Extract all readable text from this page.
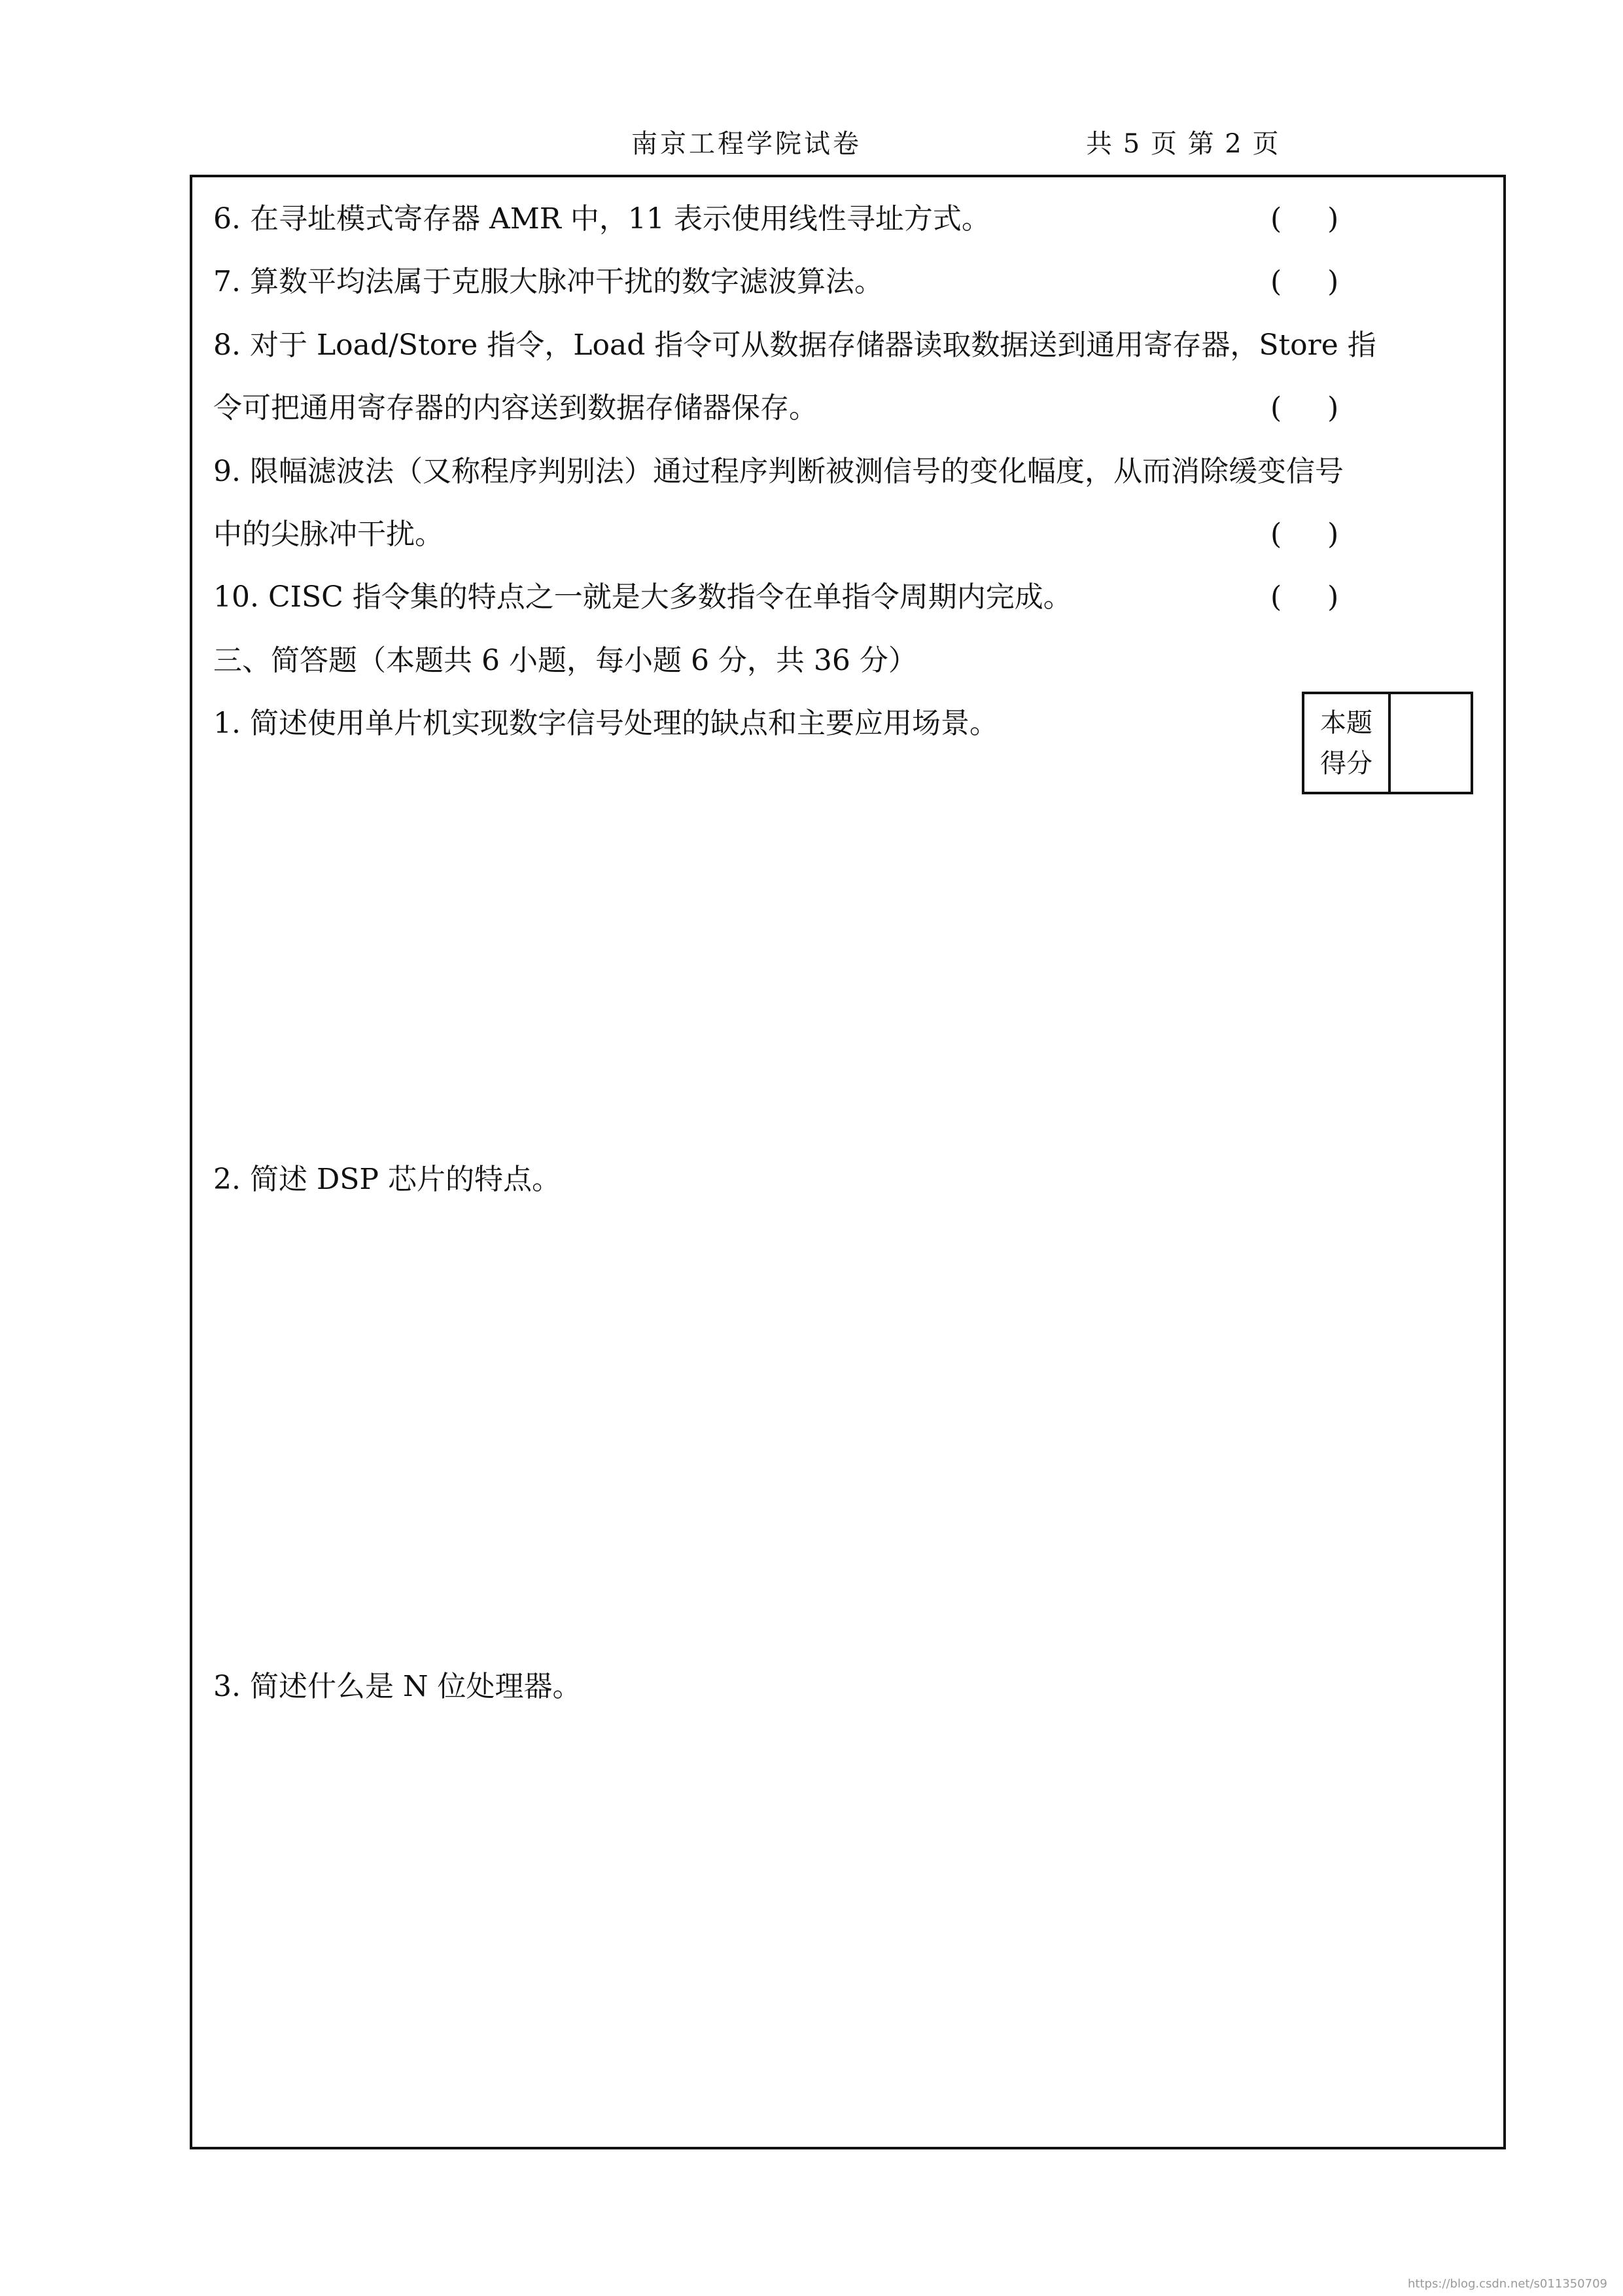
南京工程学院试卷	共 5 页 第 2 页
6. 在寻址模式寄存器 AMR 中，11 表示使用线性寻址方式。	(     )
7. 算数平均法属于克服大脉冲干扰的数字滤波算法。	(     )
8. 对于 Load/Store 指令，Load 指令可从数据存储器读取数据送到通用寄存器，Store 指
令可把通用寄存器的内容送到数据存储器保存。	(     )
9. 限幅滤波法（又称程序判别法）通过程序判断被测信号的变化幅度，从而消除缓变信号
中的尖脉冲干扰。	(     )
10. CISC 指令集的特点之一就是大多数指令在单指令周期内完成。	(     )
三、简答题（本题共 6 小题，每小题 6 分，共 36 分）
本题
得分
1. 简述使用单片机实现数字信号处理的缺点和主要应用场景。
2. 简述 DSP 芯片的特点。
3. 简述什么是 N 位处理器。
https://blog.csdn.net/s011350709
